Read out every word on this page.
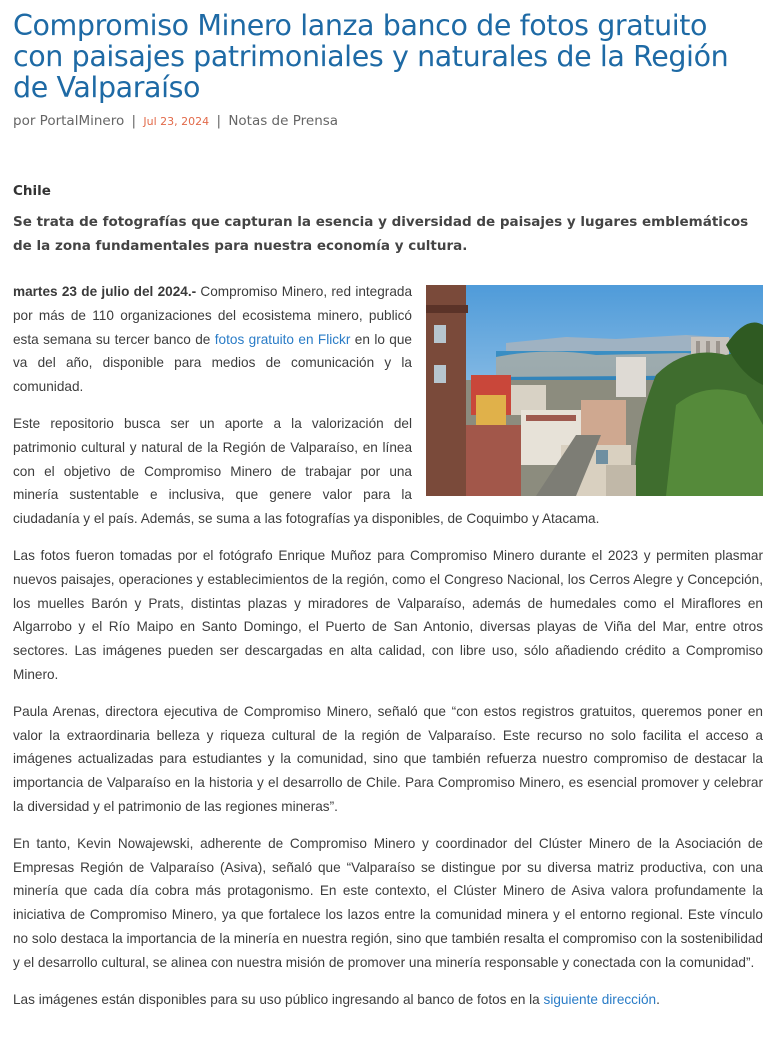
Compromiso Minero lanza banco de fotos gratuito con paisajes patrimoniales y naturales de la Región de Valparaíso
por PortalMinero | Jul 23, 2024 | Notas de Prensa
Chile
Se trata de fotografías que capturan la esencia y diversidad de paisajes y lugares emblemáticos de la zona fundamentales para nuestra economía y cultura.

martes 23 de julio del 2024.- Compromiso Minero, red integrada por más de 110 organizaciones del ecosistema minero, publicó esta semana su tercer banco de fotos gratuito en Flickr en lo que va del año, disponible para medios de comunicación y la comunidad.

Este repositorio busca ser un aporte a la valorización del patrimonio cultural y natural de la Región de Valparaíso, en línea con el objetivo de Compromiso Minero de trabajar por una minería sustentable e inclusiva, que genere valor para la ciudadanía y el país. Además, se suma a las fotografías ya disponibles, de Coquimbo y Atacama.

Las fotos fueron tomadas por el fotógrafo Enrique Muñoz para Compromiso Minero durante el 2023 y permiten plasmar nuevos paisajes, operaciones y establecimientos de la región, como el Congreso Nacional, los Cerros Alegre y Concepción, los muelles Barón y Prats, distintas plazas y miradores de Valparaíso, además de humedales como el Miraflores en Algarrobo y el Río Maipo en Santo Domingo, el Puerto de San Antonio, diversas playas de Viña del Mar, entre otros sectores. Las imágenes pueden ser descargadas en alta calidad, con libre uso, sólo añadiendo crédito a Compromiso Minero.

Paula Arenas, directora ejecutiva de Compromiso Minero, señaló que “con estos registros gratuitos, queremos poner en valor la extraordinaria belleza y riqueza cultural de la región de Valparaíso. Este recurso no solo facilita el acceso a imágenes actualizadas para estudiantes y la comunidad, sino que también refuerza nuestro compromiso de destacar la importancia de Valparaíso en la historia y el desarrollo de Chile. Para Compromiso Minero, es esencial promover y celebrar la diversidad y el patrimonio de las regiones mineras”.

En tanto, Kevin Nowajewski, adherente de Compromiso Minero y coordinador del Clúster Minero de la Asociación de Empresas Región de Valparaíso (Asiva), señaló que “Valparaíso se distingue por su diversa matriz productiva, con una minería que cada día cobra más protagonismo. En este contexto, el Clúster Minero de Asiva valora profundamente la iniciativa de Compromiso Minero, ya que fortalece los lazos entre la comunidad minera y el entorno regional. Este vínculo no solo destaca la importancia de la minería en nuestra región, sino que también resalta el compromiso con la sostenibilidad y el desarrollo cultural, se alinea con nuestra misión de promover una minería responsable y conectada con la comunidad”.

Las imágenes están disponibles para su uso público ingresando al banco de fotos en la siguiente dirección.
